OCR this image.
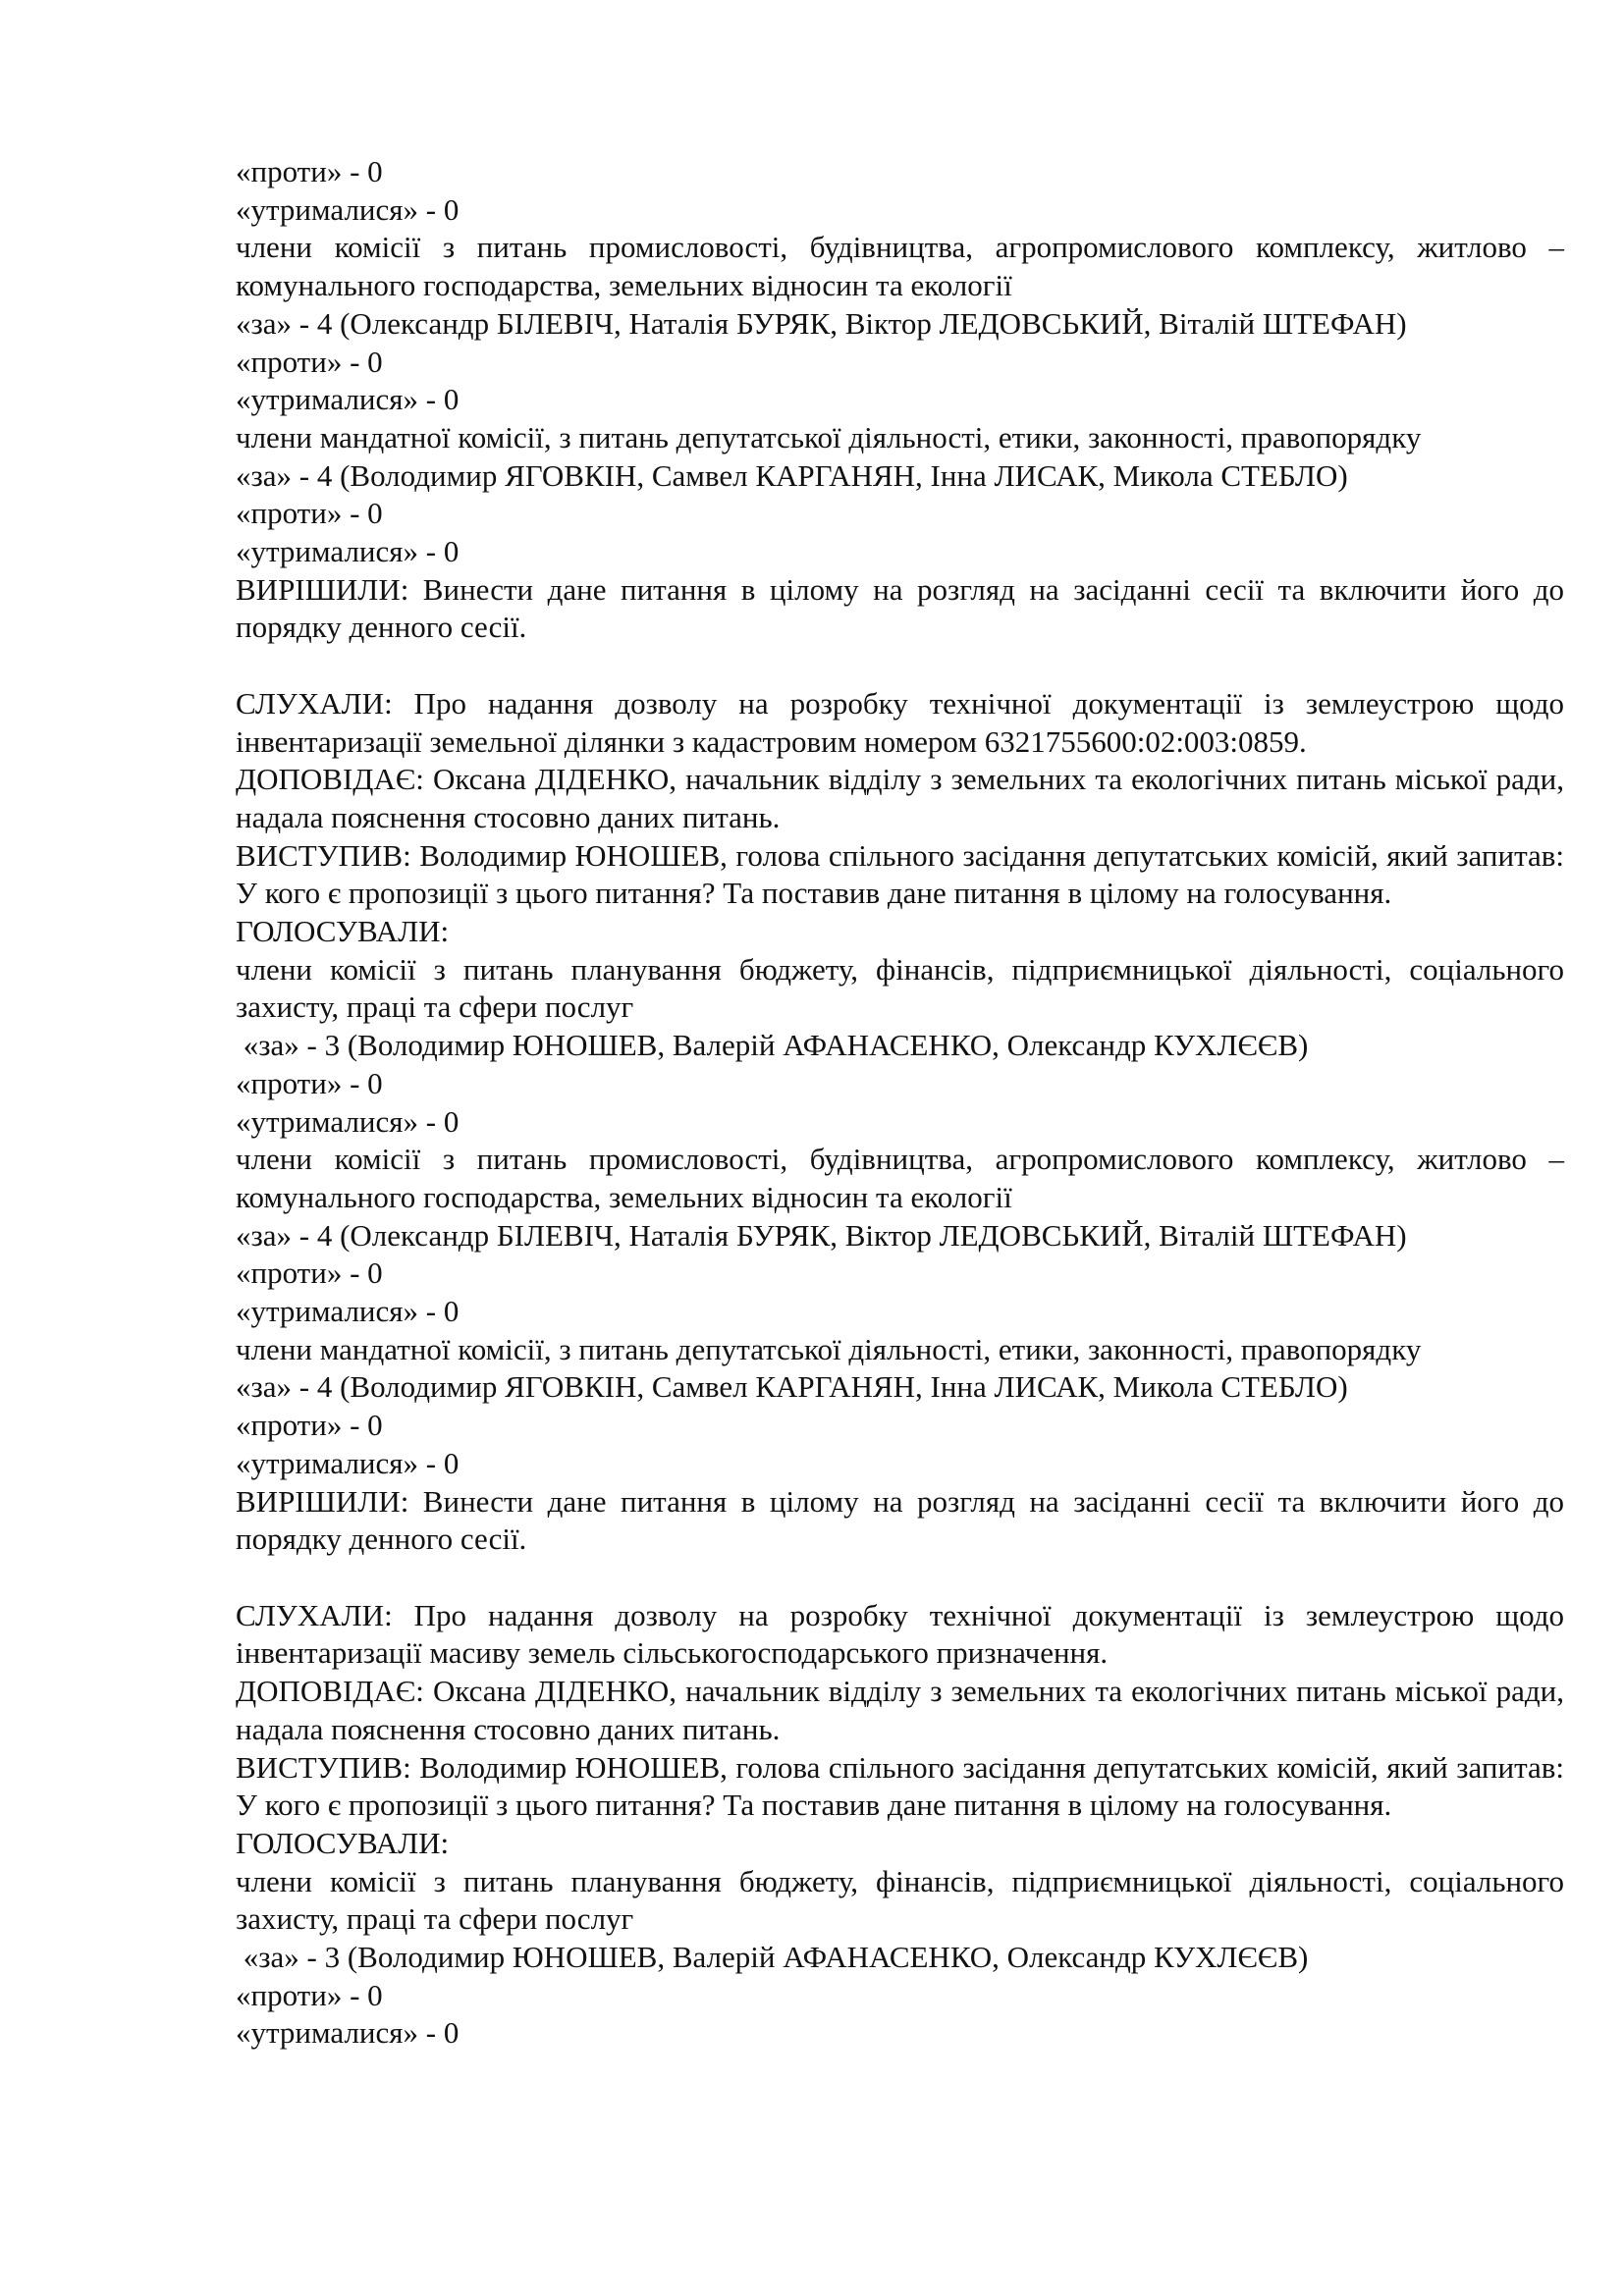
«проти» - 0
«утрималися» - 0
члени комісії з питань промисловості, будівництва, агропромислового комплексу, житлово – комунального господарства, земельних відносин та екології
«за» - 4 (Олександр БІЛЕВІЧ, Наталія БУРЯК, Віктор ЛЕДОВСЬКИЙ, Віталій ШТЕФАН)
«проти» - 0
«утрималися» - 0
члени мандатної комісії, з питань депутатської діяльності, етики, законності, правопорядку
«за» - 4 (Володимир ЯГОВКІН, Самвел КАРГАНЯН, Інна ЛИСАК, Микола СТЕБЛО)
«проти» - 0
«утрималися» - 0
ВИРІШИЛИ: Винести дане питання в цілому на розгляд на засіданні сесії та включити його до порядку денного сесії.
СЛУХАЛИ: Про надання дозволу на розробку технічної документації із землеустрою щодо інвентаризації земельної ділянки з кадастровим номером 6321755600:02:003:0859.
ДОПОВІДАЄ: Оксана ДІДЕНКО, начальник відділу з земельних та екологічних питань міської ради, надала пояснення стосовно даних питань.
ВИСТУПИВ: Володимир ЮНОШЕВ, голова спільного засідання депутатських комісій, який запитав: У кого є пропозиції з цього питання? Та поставив дане питання в цілому на голосування.
ГОЛОСУВАЛИ:
члени комісії з питань планування бюджету, фінансів, підприємницької діяльності, соціального захисту, праці та сфери послуг
«за» - 3 (Володимир ЮНОШЕВ, Валерій АФАНАСЕНКО, Олександр КУХЛЄЄВ)
«проти» - 0
«утрималися» - 0
члени комісії з питань промисловості, будівництва, агропромислового комплексу, житлово – комунального господарства, земельних відносин та екології
«за» - 4 (Олександр БІЛЕВІЧ, Наталія БУРЯК, Віктор ЛЕДОВСЬКИЙ, Віталій ШТЕФАН)
«проти» - 0
«утрималися» - 0
члени мандатної комісії, з питань депутатської діяльності, етики, законності, правопорядку
«за» - 4 (Володимир ЯГОВКІН, Самвел КАРГАНЯН, Інна ЛИСАК, Микола СТЕБЛО)
«проти» - 0
«утрималися» - 0
ВИРІШИЛИ: Винести дане питання в цілому на розгляд на засіданні сесії та включити його до порядку денного сесії.
СЛУХАЛИ: Про надання дозволу на розробку технічної документації із землеустрою щодо інвентаризації масиву земель сільськогосподарського призначення.
ДОПОВІДАЄ: Оксана ДІДЕНКО, начальник відділу з земельних та екологічних питань міської ради, надала пояснення стосовно даних питань.
ВИСТУПИВ: Володимир ЮНОШЕВ, голова спільного засідання депутатських комісій, який запитав: У кого є пропозиції з цього питання? Та поставив дане питання в цілому на голосування.
ГОЛОСУВАЛИ:
члени комісії з питань планування бюджету, фінансів, підприємницької діяльності, соціального захисту, праці та сфери послуг
«за» - 3 (Володимир ЮНОШЕВ, Валерій АФАНАСЕНКО, Олександр КУХЛЄЄВ)
«проти» - 0
«утрималися» - 0
